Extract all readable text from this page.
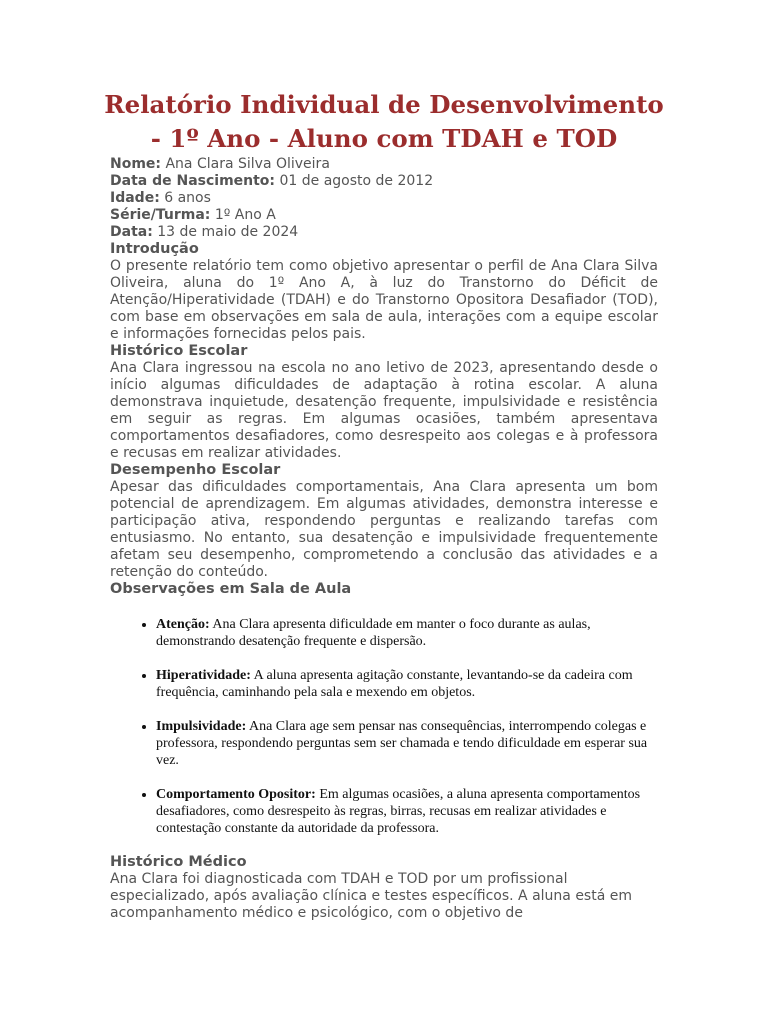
Relatório Individual de Desenvolvimento - 1º Ano - Aluno com TDAH e TOD
Nome: Ana Clara Silva Oliveira
Data de Nascimento: 01 de agosto de 2012
Idade: 6 anos
Série/Turma: 1º Ano A
Data: 13 de maio de 2024
Introdução
O presente relatório tem como objetivo apresentar o perfil de Ana Clara Silva Oliveira, aluna do 1º Ano A, à luz do Transtorno do Déficit de Atenção/Hiperatividade (TDAH) e do Transtorno Opositora Desafiador (TOD), com base em observações em sala de aula, interações com a equipe escolar e informações fornecidas pelos pais.
Histórico Escolar
Ana Clara ingressou na escola no ano letivo de 2023, apresentando desde o início algumas dificuldades de adaptação à rotina escolar. A aluna demonstrava inquietude, desatenção frequente, impulsividade e resistência em seguir as regras. Em algumas ocasiões, também apresentava comportamentos desafiadores, como desrespeito aos colegas e à professora e recusas em realizar atividades.
Desempenho Escolar
Apesar das dificuldades comportamentais, Ana Clara apresenta um bom potencial de aprendizagem. Em algumas atividades, demonstra interesse e participação ativa, respondendo perguntas e realizando tarefas com entusiasmo. No entanto, sua desatenção e impulsividade frequentemente afetam seu desempenho, comprometendo a conclusão das atividades e a retenção do conteúdo.
Observações em Sala de Aula
• Atenção: Ana Clara apresenta dificuldade em manter o foco durante as aulas, demonstrando desatenção frequente e dispersão.
• Hiperatividade: A aluna apresenta agitação constante, levantando-se da cadeira com frequência, caminhando pela sala e mexendo em objetos.
• Impulsividade: Ana Clara age sem pensar nas consequências, interrompendo colegas e professora, respondendo perguntas sem ser chamada e tendo dificuldade em esperar sua vez.
• Comportamento Opositor: Em algumas ocasiões, a aluna apresenta comportamentos desafiadores, como desrespeito às regras, birras, recusas em realizar atividades e contestação constante da autoridade da professora.
Histórico Médico
Ana Clara foi diagnosticada com TDAH e TOD por um profissional especializado, após avaliação clínica e testes específicos. A aluna está em acompanhamento médico e psicológico, com o objetivo de
